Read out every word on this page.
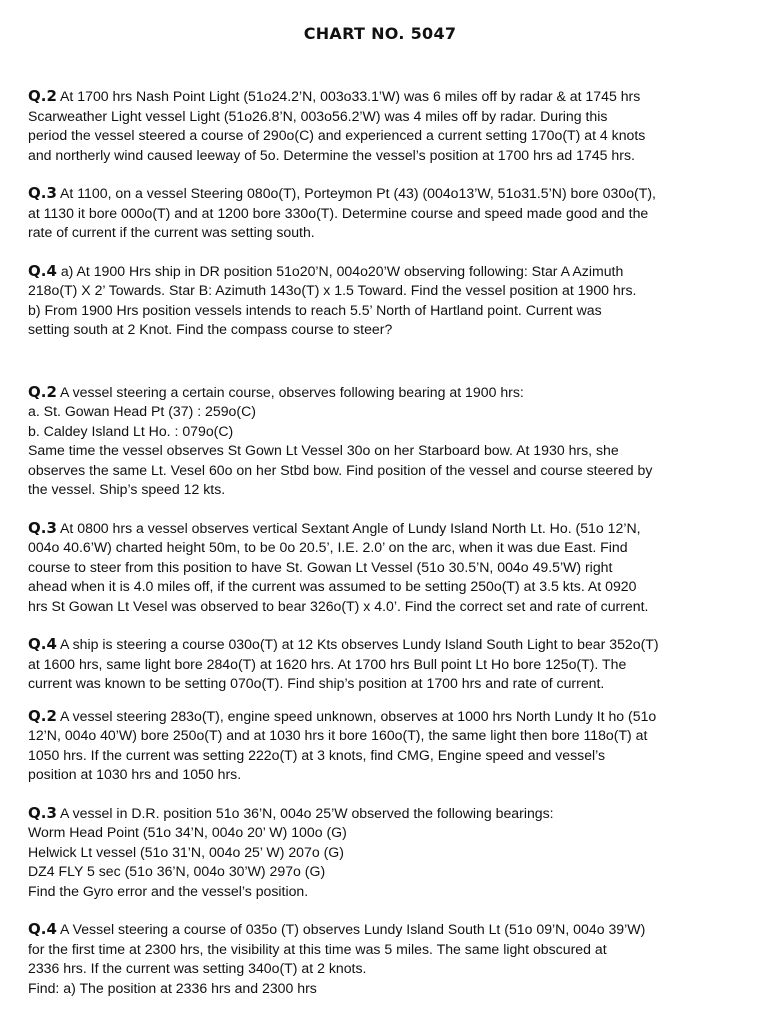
CHART NO. 5047
Q.2 At 1700 hrs Nash Point Light (51o24.2’N, 003o33.1’W) was 6 miles off by radar & at 1745 hrs
Scarweather Light vessel Light (51o26.8’N, 003o56.2’W) was 4 miles off by radar. During this
period the vessel steered a course of 290o(C) and experienced a current setting 170o(T) at 4 knots
and northerly wind caused leeway of 5o. Determine the vessel’s position at 1700 hrs ad 1745 hrs.
Q.3 At 1100, on a vessel Steering 080o(T), Porteymon Pt (43) (004o13’W, 51o31.5’N) bore 030o(T),
at 1130 it bore 000o(T) and at 1200 bore 330o(T). Determine course and speed made good and the
rate of current if the current was setting south.
Q.4 a) At 1900 Hrs ship in DR position 51o20’N, 004o20’W observing following: Star A Azimuth
218o(T) X 2’ Towards. Star B: Azimuth 143o(T) x 1.5 Toward. Find the vessel position at 1900 hrs.
b) From 1900 Hrs position vessels intends to reach 5.5’ North of Hartland point. Current was
setting south at 2 Knot. Find the compass course to steer?
Q.2 A vessel steering a certain course, observes following bearing at 1900 hrs:
a. St. Gowan Head Pt (37) : 259o(C)
b. Caldey Island Lt Ho. : 079o(C)
Same time the vessel observes St Gown Lt Vessel 30o on her Starboard bow. At 1930 hrs, she
observes the same Lt. Vesel 60o on her Stbd bow. Find position of the vessel and course steered by
the vessel. Ship’s speed 12 kts.
Q.3 At 0800 hrs a vessel observes vertical Sextant Angle of Lundy Island North Lt. Ho. (51o 12’N,
004o 40.6’W) charted height 50m, to be 0o 20.5’, I.E. 2.0’ on the arc, when it was due East. Find
course to steer from this position to have St. Gowan Lt Vessel (51o 30.5’N, 004o 49.5’W) right
ahead when it is 4.0 miles off, if the current was assumed to be setting 250o(T) at 3.5 kts. At 0920
hrs St Gowan Lt Vesel was observed to bear 326o(T) x 4.0’. Find the correct set and rate of current.
Q.4 A ship is steering a course 030o(T) at 12 Kts observes Lundy Island South Light to bear 352o(T)
at 1600 hrs, same light bore 284o(T) at 1620 hrs. At 1700 hrs Bull point Lt Ho bore 125o(T). The
current was known to be setting 070o(T). Find ship’s position at 1700 hrs and rate of current.
Q.2 A vessel steering 283o(T), engine speed unknown, observes at 1000 hrs North Lundy It ho (51o
12’N, 004o 40’W) bore 250o(T) and at 1030 hrs it bore 160o(T), the same light then bore 118o(T) at
1050 hrs. If the current was setting 222o(T) at 3 knots, find CMG, Engine speed and vessel’s
position at 1030 hrs and 1050 hrs.
Q.3 A vessel in D.R. position 51o 36’N, 004o 25’W observed the following bearings:
Worm Head Point (51o 34’N, 004o 20’ W) 100o (G)
Helwick Lt vessel (51o 31’N, 004o 25’ W) 207o (G)
DZ4 FLY 5 sec (51o 36’N, 004o 30’W) 297o (G)
Find the Gyro error and the vessel’s position.
Q.4 A Vessel steering a course of 035o (T) observes Lundy Island South Lt (51o 09’N, 004o 39’W)
for the first time at 2300 hrs, the visibility at this time was 5 miles. The same light obscured at
2336 hrs. If the current was setting 340o(T) at 2 knots.
Find: a) The position at 2336 hrs and 2300 hrs
